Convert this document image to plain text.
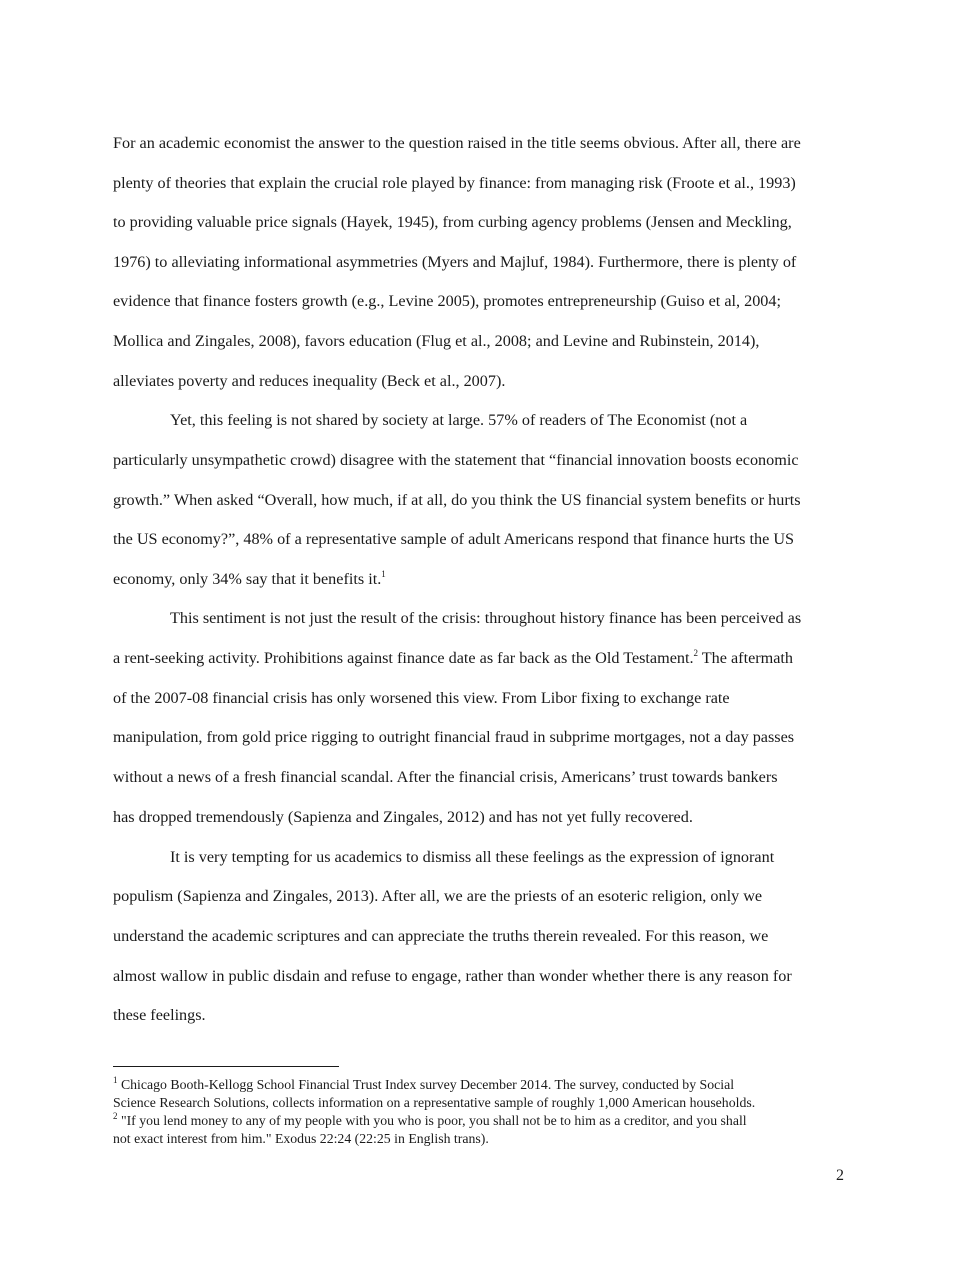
For an academic economist the answer to the question raised in the title seems obvious. After all, there are
plenty of theories that explain the crucial role played by finance: from managing risk (Froote et al., 1993)
to providing valuable price signals (Hayek, 1945), from curbing agency problems (Jensen and Meckling,
1976) to alleviating informational asymmetries (Myers and Majluf, 1984). Furthermore, there is plenty of
evidence that finance fosters growth (e.g., Levine 2005), promotes entrepreneurship (Guiso et al, 2004;
Mollica and Zingales, 2008), favors education (Flug et al., 2008; and Levine and Rubinstein, 2014),
alleviates poverty and reduces inequality (Beck et al., 2007).
Yet, this feeling is not shared by society at large. 57% of readers of The Economist (not a
particularly unsympathetic crowd) disagree with the statement that “financial innovation boosts economic
growth.” When asked “Overall, how much, if at all, do you think the US financial system benefits or hurts
the US economy?”, 48% of a representative sample of adult Americans respond that finance hurts the US
economy, only 34% say that it benefits it.$^1$
This sentiment is not just the result of the crisis: throughout history finance has been perceived as
a rent-seeking activity. Prohibitions against finance date as far back as the Old Testament.$^2$ The aftermath
of the 2007-08 financial crisis has only worsened this view. From Libor fixing to exchange rate
manipulation, from gold price rigging to outright financial fraud in subprime mortgages, not a day passes
without a news of a fresh financial scandal. After the financial crisis, Americans’ trust towards bankers
has dropped tremendously (Sapienza and Zingales, 2012) and has not yet fully recovered.
It is very tempting for us academics to dismiss all these feelings as the expression of ignorant
populism (Sapienza and Zingales, 2013). After all, we are the priests of an esoteric religion, only we
understand the academic scriptures and can appreciate the truths therein revealed. For this reason, we
almost wallow in public disdain and refuse to engage, rather than wonder whether there is any reason for
these feelings.
$^1$ Chicago Booth-Kellogg School Financial Trust Index survey December 2014. The survey, conducted by Social
Science Research Solutions, collects information on a representative sample of roughly 1,000 American households.
$^2$ "If you lend money to any of my people with you who is poor, you shall not be to him as a creditor, and you shall
not exact interest from him." Exodus 22:24 (22:25 in English trans).
2
